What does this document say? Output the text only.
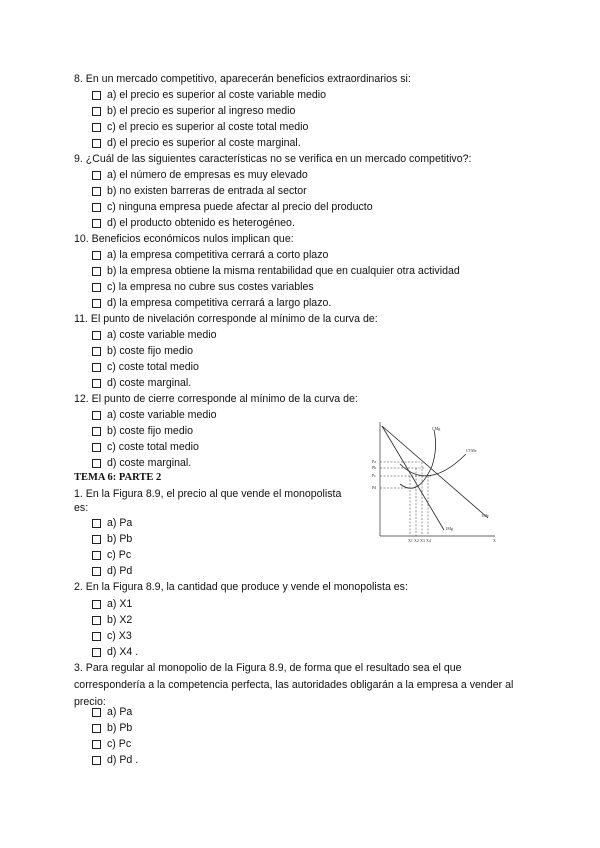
8. En un mercado competitivo, aparecerán beneficios extraordinarios si:
a) el precio es superior al coste variable medio
b) el precio es superior al ingreso medio
c) el precio es superior al coste total medio
d) el precio es superior al coste marginal.
9. ¿Cuál de las siguientes características no se verifica en un mercado competitivo?:
a) el número de empresas es muy elevado
b) no existen barreras de entrada al sector
c) ninguna empresa puede afectar al precio del producto
d) el producto obtenido es heterogéneo.
10. Beneficios económicos nulos implican que:
a) la empresa competitiva cerrará a corto plazo
b) la empresa obtiene la misma rentabilidad que en cualquier otra actividad
c) la empresa no cubre sus costes variables
d) la empresa competitiva cerrará a largo plazo.
11. El punto de nivelación corresponde al mínimo de la curva de:
a) coste variable medio
b) coste fijo medio
c) coste total medio
d) coste marginal.
12. El punto de cierre corresponde al mínimo de la curva de:
a) coste variable medio
b) coste fijo medio
c) coste total medio
d) coste marginal.
TEMA 6: PARTE 2
1. En la Figura 8.9, el precio al que vende el monopolista es:
a) Pa
b) Pb
c) Pc
d) Pd
2. En la Figura 8.9, la cantidad que produce y vende el monopolista es:
a) X1
b) X2
c) X3
d) X4 .
3. Para regular al monopolio de la Figura 8.9, de forma que el resultado sea el que correspondería a la competencia perfecta, las autoridades obligarán a la empresa a vender al precio:
a) Pa
b) Pb
c) Pc
d) Pd .
X
IMe
IMg
CMg
CTMe
Pa
Pb
Pc
Pd
X1 X2 X3 X4
